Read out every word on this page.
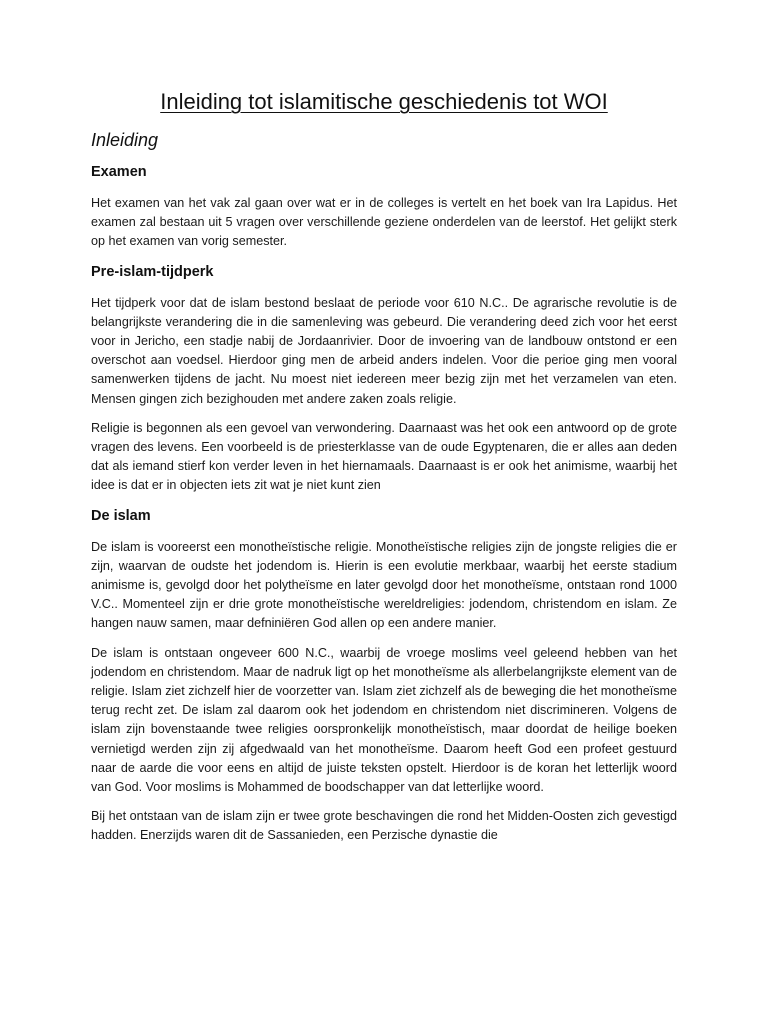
Inleiding tot islamitische geschiedenis tot WOI
Inleiding
Examen

Het examen van het vak zal gaan over wat er in de colleges is vertelt en het boek van Ira Lapidus. Het examen zal bestaan uit 5 vragen over verschillende geziene onderdelen van de leerstof. Het gelijkt sterk op het examen van vorig semester.

Pre-islam-tijdperk

Het tijdperk voor dat de islam bestond beslaat de periode voor 610 N.C.. De agrarische revolutie is de belangrijkste verandering die in die samenleving was gebeurd. Die verandering deed zich voor het eerst voor in Jericho, een stadje nabij de Jordaanrivier. Door de invoering van de landbouw ontstond er een overschot aan voedsel. Hierdoor ging men de arbeid anders indelen. Voor die perioe ging men vooral samenwerken tijdens de jacht. Nu moest niet iedereen meer bezig zijn met het verzamelen van eten. Mensen gingen zich bezighouden met andere zaken zoals religie.

Religie is begonnen als een gevoel van verwondering. Daarnaast was het ook een antwoord op de grote vragen des levens. Een voorbeeld is de priesterklasse van de oude Egyptenaren, die er alles aan deden dat als iemand stierf kon verder leven in het hiernamaals. Daarnaast is er ook het animisme, waarbij het idee is dat er in objecten iets zit wat je niet kunt zien

De islam

De islam is vooreerst een monotheïstische religie. Monotheïstische religies zijn de jongste religies die er zijn, waarvan de oudste het jodendom is. Hierin is een evolutie merkbaar, waarbij het eerste stadium animisme is, gevolgd door het polytheïsme en later gevolgd door het monotheïsme, ontstaan rond 1000 V.C.. Momenteel zijn er drie grote monotheïstische wereldreligies: jodendom, christendom en islam. Ze hangen nauw samen, maar defniniëren God allen op een andere manier.

De islam is ontstaan ongeveer 600 N.C., waarbij de vroege moslims veel geleend hebben van het jodendom en christendom. Maar de nadruk ligt op het monotheïsme als allerbelangrijkste element van de religie. Islam ziet zichzelf hier de voorzetter van. Islam ziet zichzelf als de beweging die het monotheïsme terug recht zet. De islam zal daarom ook het jodendom en christendom niet discrimineren. Volgens de islam zijn bovenstaande twee religies oorspronkelijk monotheïstisch, maar doordat de heilige boeken vernietigd werden zijn zij afgedwaald van het monotheïsme. Daarom heeft God een profeet gestuurd naar de aarde die voor eens en altijd de juiste teksten opstelt. Hierdoor is de koran het letterlijk woord van God. Voor moslims is Mohammed de boodschapper van dat letterlijke woord.

Bij het ontstaan van de islam zijn er twee grote beschavingen die rond het Midden-Oosten zich gevestigd hadden. Enerzijds waren dit de Sassanieden, een Perzische dynastie die
